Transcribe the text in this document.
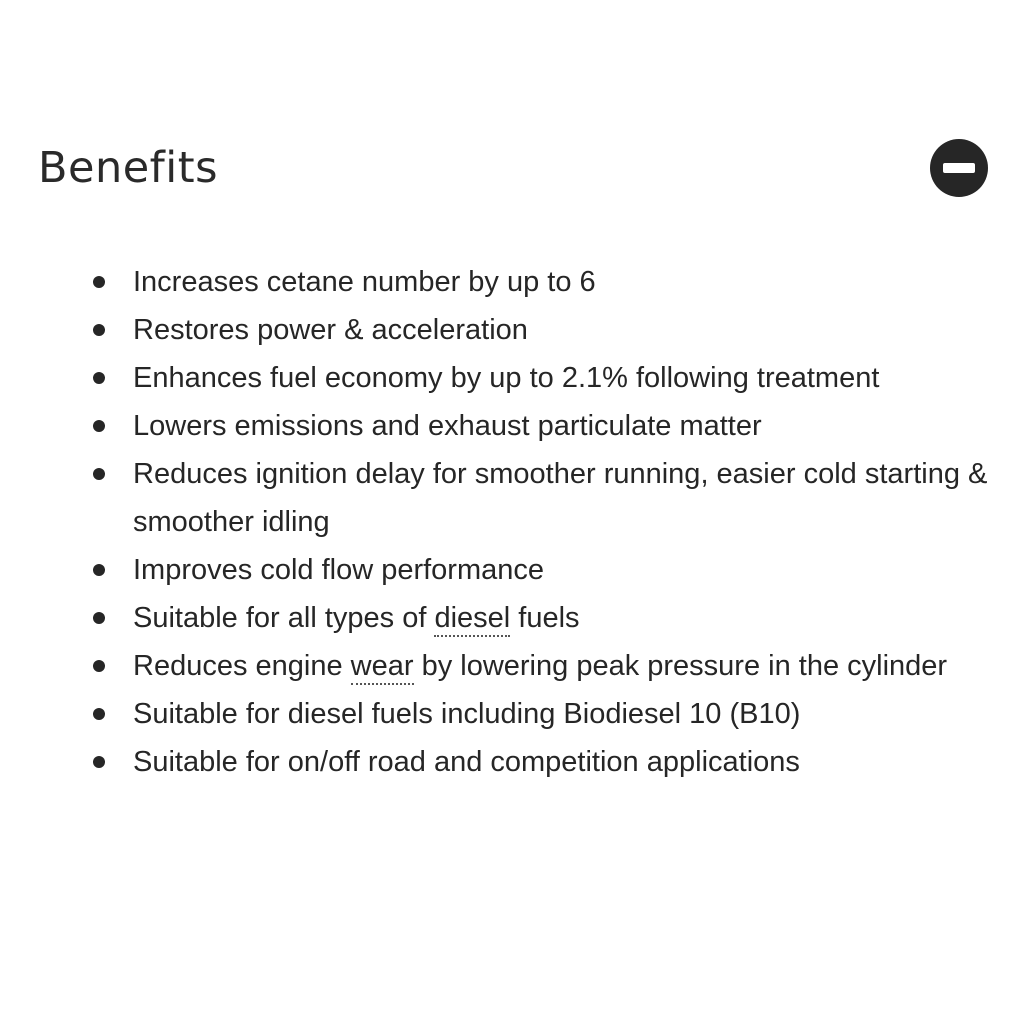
Benefits
Increases cetane number by up to 6
Restores power & acceleration
Enhances fuel economy by up to 2.1% following treatment
Lowers emissions and exhaust particulate matter
Reduces ignition delay for smoother running, easier cold starting & smoother idling
Improves cold flow performance
Suitable for all types of diesel fuels
Reduces engine wear by lowering peak pressure in the cylinder
Suitable for diesel fuels including Biodiesel 10 (B10)
Suitable for on/off road and competition applications
